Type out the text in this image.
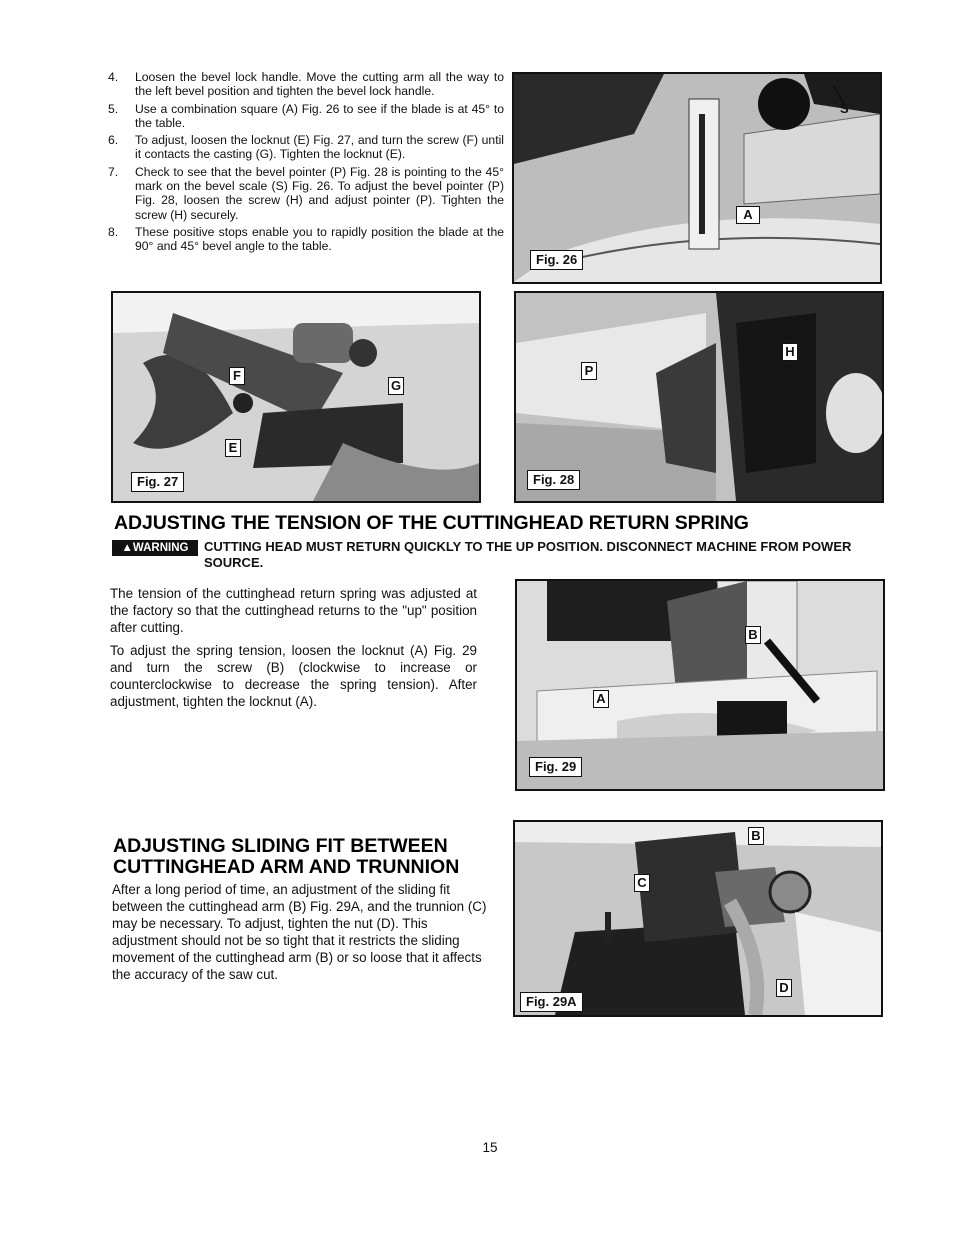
4.	Loosen the bevel lock handle. Move the cutting arm all the way to the left bevel position and tighten the bevel lock handle.
5.	Use a combination square (A) Fig. 26 to see if the blade is at 45° to the table.
6.	To adjust, loosen the locknut (E) Fig. 27, and turn the screw (F) until it contacts the casting (G). Tighten the locknut (E).
7.	Check to see that the bevel pointer (P) Fig. 28 is pointing to the 45° mark on the bevel scale (S) Fig. 26. To adjust the bevel pointer (P) Fig. 28, loosen the screw (H) and adjust pointer (P). Tighten the screw (H) securely.
8.	These positive stops enable you to rapidly position the blade at the 90° and 45° bevel angle to the table.
S
A
Fig. 26
F
G
E
Fig. 27
P
H
Fig. 28
ADJUSTING THE TENSION OF THE CUTTINGHEAD RETURN SPRING
▲WARNING	CUTTING HEAD MUST RETURN QUICKLY TO THE UP POSITION. DISCONNECT MACHINE FROM POWER SOURCE.

The tension of the cuttinghead return spring was adjusted at the factory so that the cuttinghead returns to the "up" position after cutting.

To adjust the spring tension, loosen the locknut (A) Fig. 29 and turn the screw (B) (clockwise to increase or counterclockwise to decrease the spring tension). After adjustment, tighten the locknut (A).	A
B
Fig. 29
ADJUSTING SLIDING FIT BETWEEN CUTTINGHEAD ARM AND TRUNNION

After a long period of time, an adjustment of the sliding fit between the cuttinghead arm (B) Fig. 29A, and the trunnion (C) may be necessary. To adjust, tighten the nut (D). This adjustment should not be so tight that it restricts the sliding movement of the cuttinghead arm (B) or so loose that it affects the accuracy of the saw cut.

B
C
D
Fig. 29A
15
